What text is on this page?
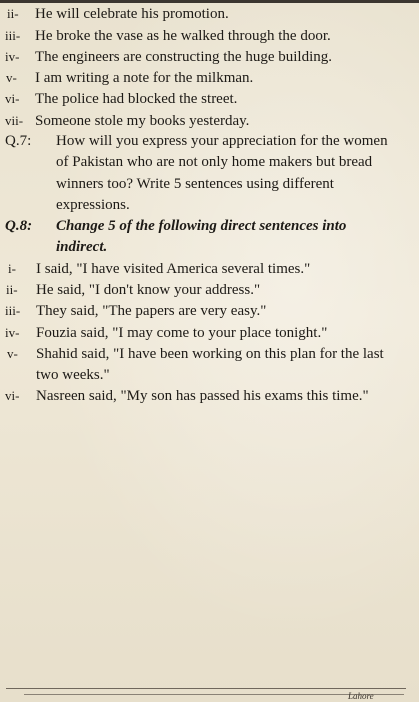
ii- He will celebrate his promotion.
iii- He broke the vase as he walked through the door.
iv- The engineers are constructing the huge building.
v- I am writing a note for the milkman.
vi- The police had blocked the street.
vii- Someone stole my books yesterday.
Q.7: How will you express your appreciation for the women
of Pakistan who are not only home makers but bread
winners too? Write 5 sentences using different
expressions.
Q.8: Change 5 of the following direct sentences into
indirect.
i- I said, "I have visited America several times."
ii- He said, "I don't know your address."
iii- They said, "The papers are very easy."
iv- Fouzia said, "I may come to your place tonight."
v- Shahid said, "I have been working on this plan for the last
two weeks."
vi- Nasreen said, "My son has passed his exams this time."
Lahore
